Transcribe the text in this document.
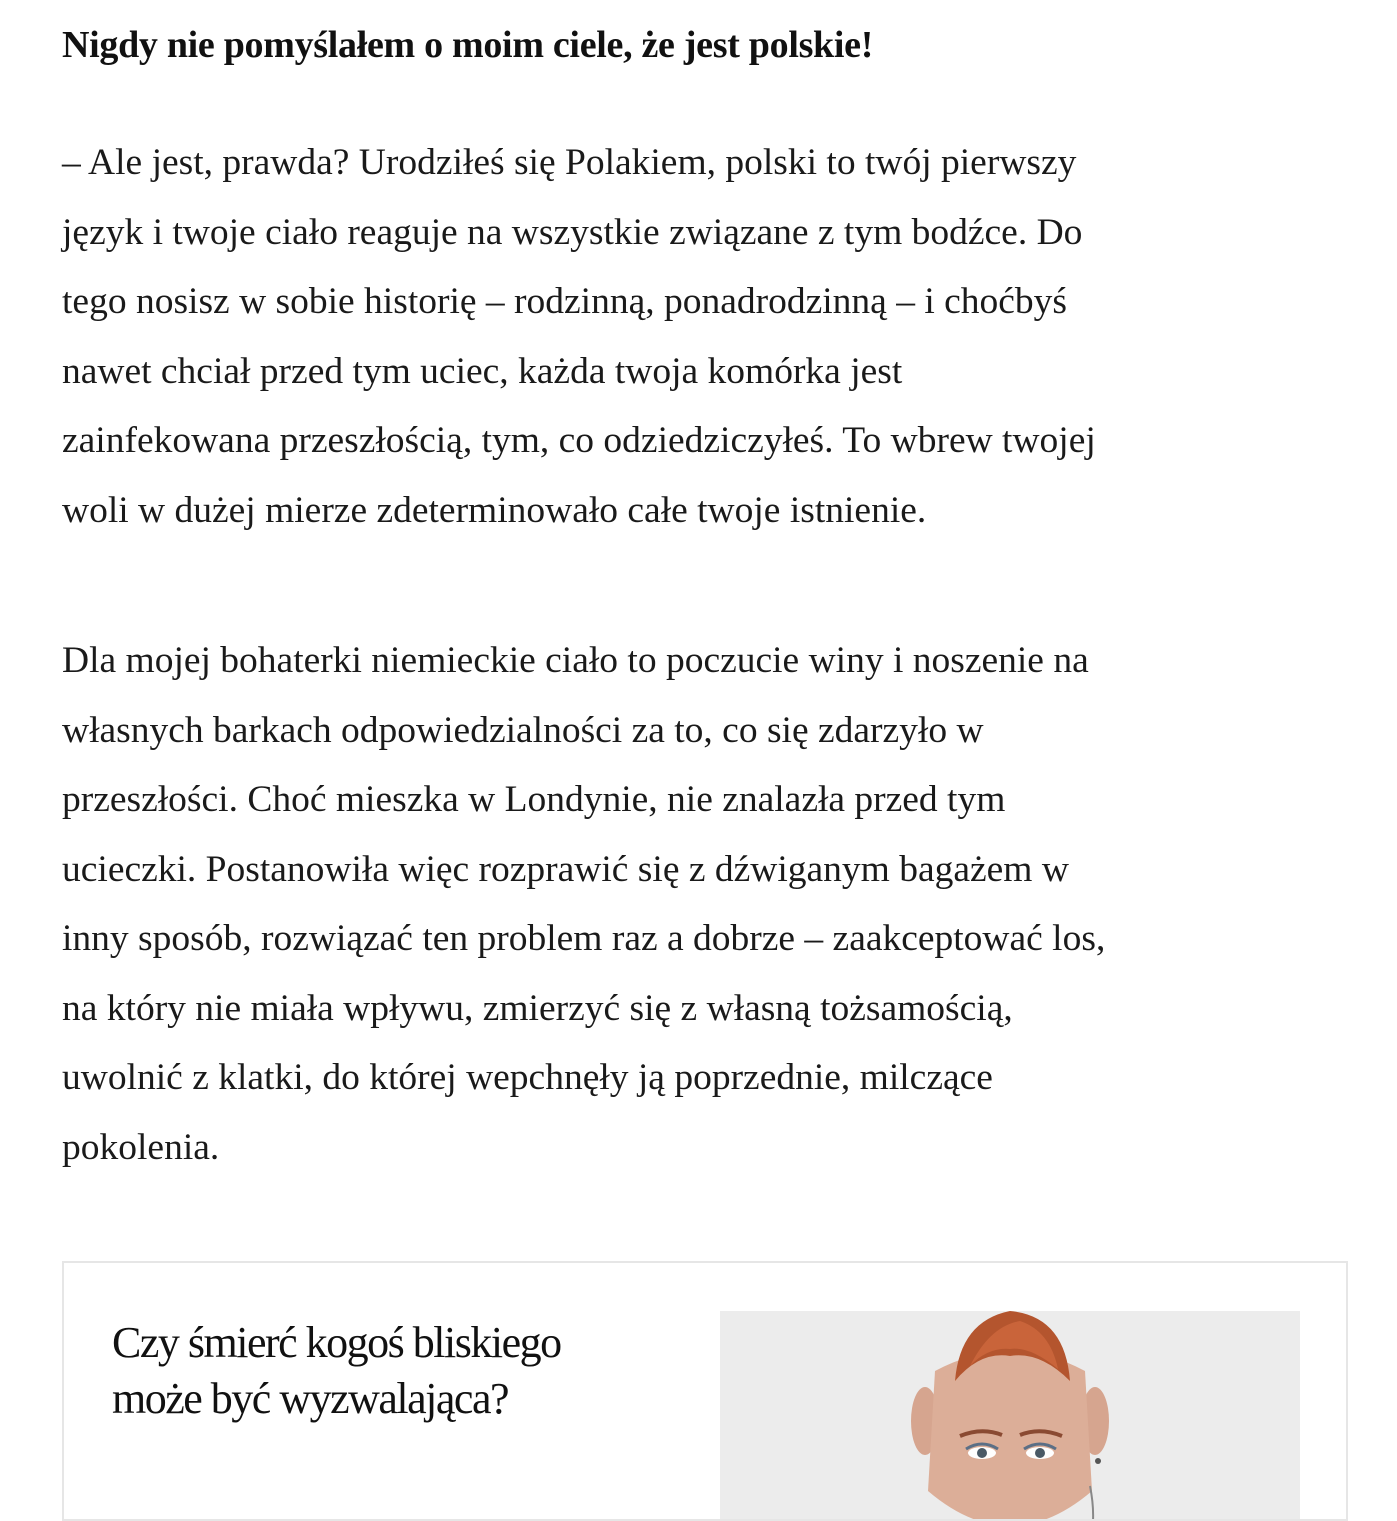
Nigdy nie pomyślałem o moim ciele, że jest polskie!

– Ale jest, prawda? Urodziłeś się Polakiem, polski to twój pierwszy
język i twoje ciało reaguje na wszystkie związane z tym bodźce. Do
tego nosisz w sobie historię – rodzinną, ponadrodzinną – i choćbyś
nawet chciał przed tym uciec, każda twoja komórka jest
zainfekowana przeszłością, tym, co odziedziczyłeś. To wbrew twojej
woli w dużej mierze zdeterminowało całe twoje istnienie.

Dla mojej bohaterki niemieckie ciało to poczucie winy i noszenie na
własnych barkach odpowiedzialności za to, co się zdarzyło w
przeszłości. Choć mieszka w Londynie, nie znalazła przed tym
ucieczki. Postanowiła więc rozprawić się z dźwiganym bagażem w
inny sposób, rozwiązać ten problem raz a dobrze – zaakceptować los,
na który nie miała wpływu, zmierzyć się z własną tożsamością,
uwolnić z klatki, do której wepchnęły ją poprzednie, milczące
pokolenia.

Czy śmierć kogoś bliskiego
może być wyzwalająca?
